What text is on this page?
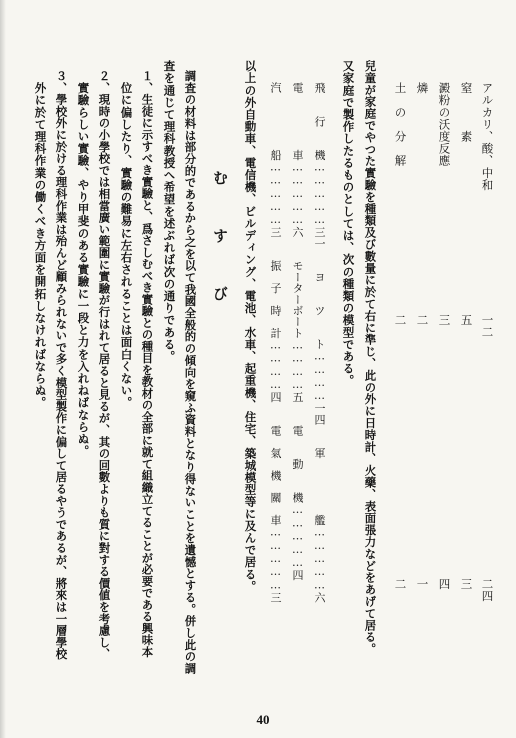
アルカリ、酸、中和
一二
窒　　　素
五
澱粉の沃度反應
三
燐
二
土　の　分　解
二
二四
三
四
一
二
兒童が家庭でやつた實驗を種類及び數量に於て右に準じ、此の外に日時計、火藥、表面張力などをあげて居る。
又家庭で製作したるものとしては、次の種類の模型である。
飛　　行　　機……………三一　　ヨ　　ツ　　ト…………一四　　軍　　　　　艦……………六
電　　　　　車……………六　　モーターボート…………五　　電　　動　　機……………四
汽　　　　　船……………三　　振　子　時　計…………四　　電　氣　機　關　車……………三
以上の外自動車、電信機、ビルディング、電池、水車、起重機、住宅、築城模型等に及んで居る。
む　す　び
調査の材料は部分的であるから之を以て我國全般的の傾向を窺ふ資料となり得ないことを遺憾とする。併し此の調
査を通じて理科教授へ希望を述ぶれば次の通りである。
１、生徒に示すべき實驗と、爲さしむべき實驗との種目を教材の全部に就て組織立てることが必要である興味本
位に偏したり、實驗の難易に左右されることは面白くない。
２、現時の小學校では相當廣い範圍に實驗が行はれて居ると見るが、其の回數よりも質に對する價値を考慮し、
實驗らしい實驗、やり甲斐のある實驗に一段と力を入れねばならぬ。
３、學校外に於ける理科作業は殆んど顧みられないで多く模型製作に偏して居るやうであるが、將來は一層學校
外に於て理科作業の働くべき方面を開拓しなければならぬ。
40
